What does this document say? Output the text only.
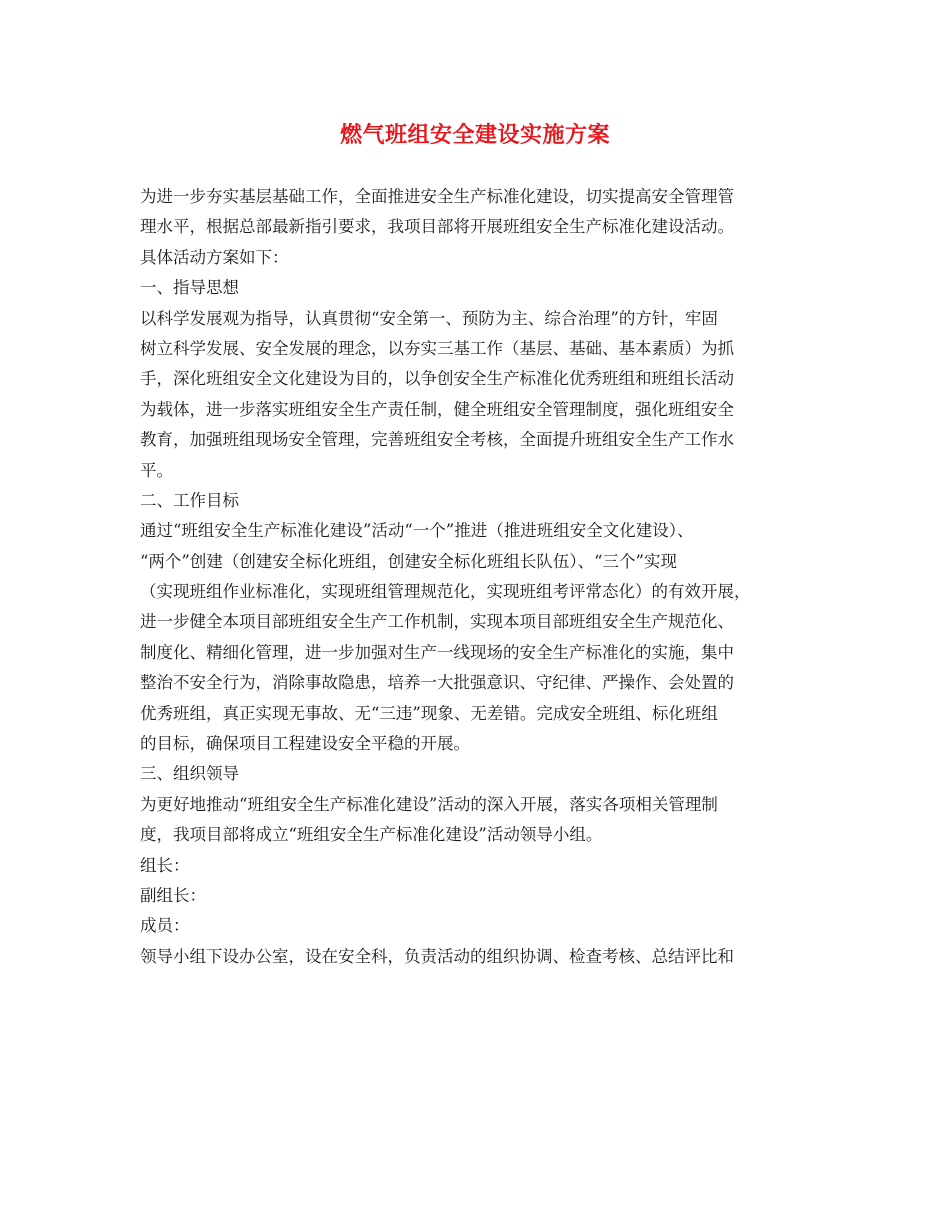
燃气班组安全建设实施方案
为进一步夯实基层基础工作，全面推进安全生产标准化建设，切实提高安全管理管
理水平，根据总部最新指引要求，我项目部将开展班组安全生产标准化建设活动。
具体活动方案如下：
一、指导思想
以科学发展观为指导，认真贯彻“安全第一、预防为主、综合治理”的方针，牢固
树立科学发展、安全发展的理念，以夯实三基工作（基层、基础、基本素质）为抓
手，深化班组安全文化建设为目的，以争创安全生产标准化优秀班组和班组长活动
为载体，进一步落实班组安全生产责任制，健全班组安全管理制度，强化班组安全
教育，加强班组现场安全管理，完善班组安全考核，全面提升班组安全生产工作水
平。
二、工作目标
通过“班组安全生产标准化建设”活动“一个”推进（推进班组安全文化建设）、
“两个”创建（创建安全标化班组，创建安全标化班组长队伍）、“三个”实现
（实现班组作业标准化，实现班组管理规范化，实现班组考评常态化）的有效开展，
进一步健全本项目部班组安全生产工作机制，实现本项目部班组安全生产规范化、
制度化、精细化管理，进一步加强对生产一线现场的安全生产标准化的实施，集中
整治不安全行为，消除事故隐患，培养一大批强意识、守纪律、严操作、会处置的
优秀班组，真正实现无事故、无“三违”现象、无差错。完成安全班组、标化班组
的目标，确保项目工程建设安全平稳的开展。
三、组织领导
为更好地推动“班组安全生产标准化建设”活动的深入开展，落实各项相关管理制
度，我项目部将成立“班组安全生产标准化建设”活动领导小组。
组长：
副组长：
成员：
领导小组下设办公室，设在安全科，负责活动的组织协调、检查考核、总结评比和
